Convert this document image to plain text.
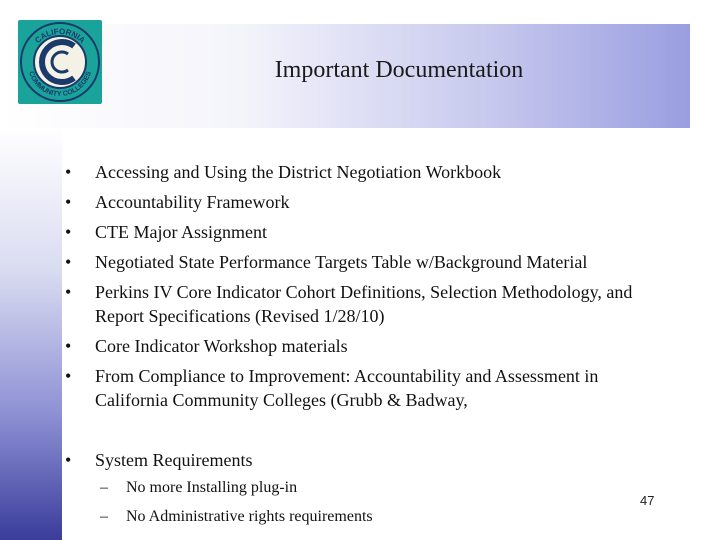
Important Documentation
CALIFORNIA
COMMUNITY COLLEGES
• Accessing and Using the District Negotiation Workbook
• Accountability Framework
• CTE Major Assignment
• Negotiated State Performance Targets Table w/Background Material
• Perkins IV Core Indicator Cohort Definitions, Selection Methodology, and Report Specifications (Revised 1/28/10)
• Core Indicator Workshop materials
• From Compliance to Improvement: Accountability and Assessment in California Community Colleges (Grubb & Badway,
• System Requirements
– No more Installing plug-in
– No Administrative rights requirements
47
